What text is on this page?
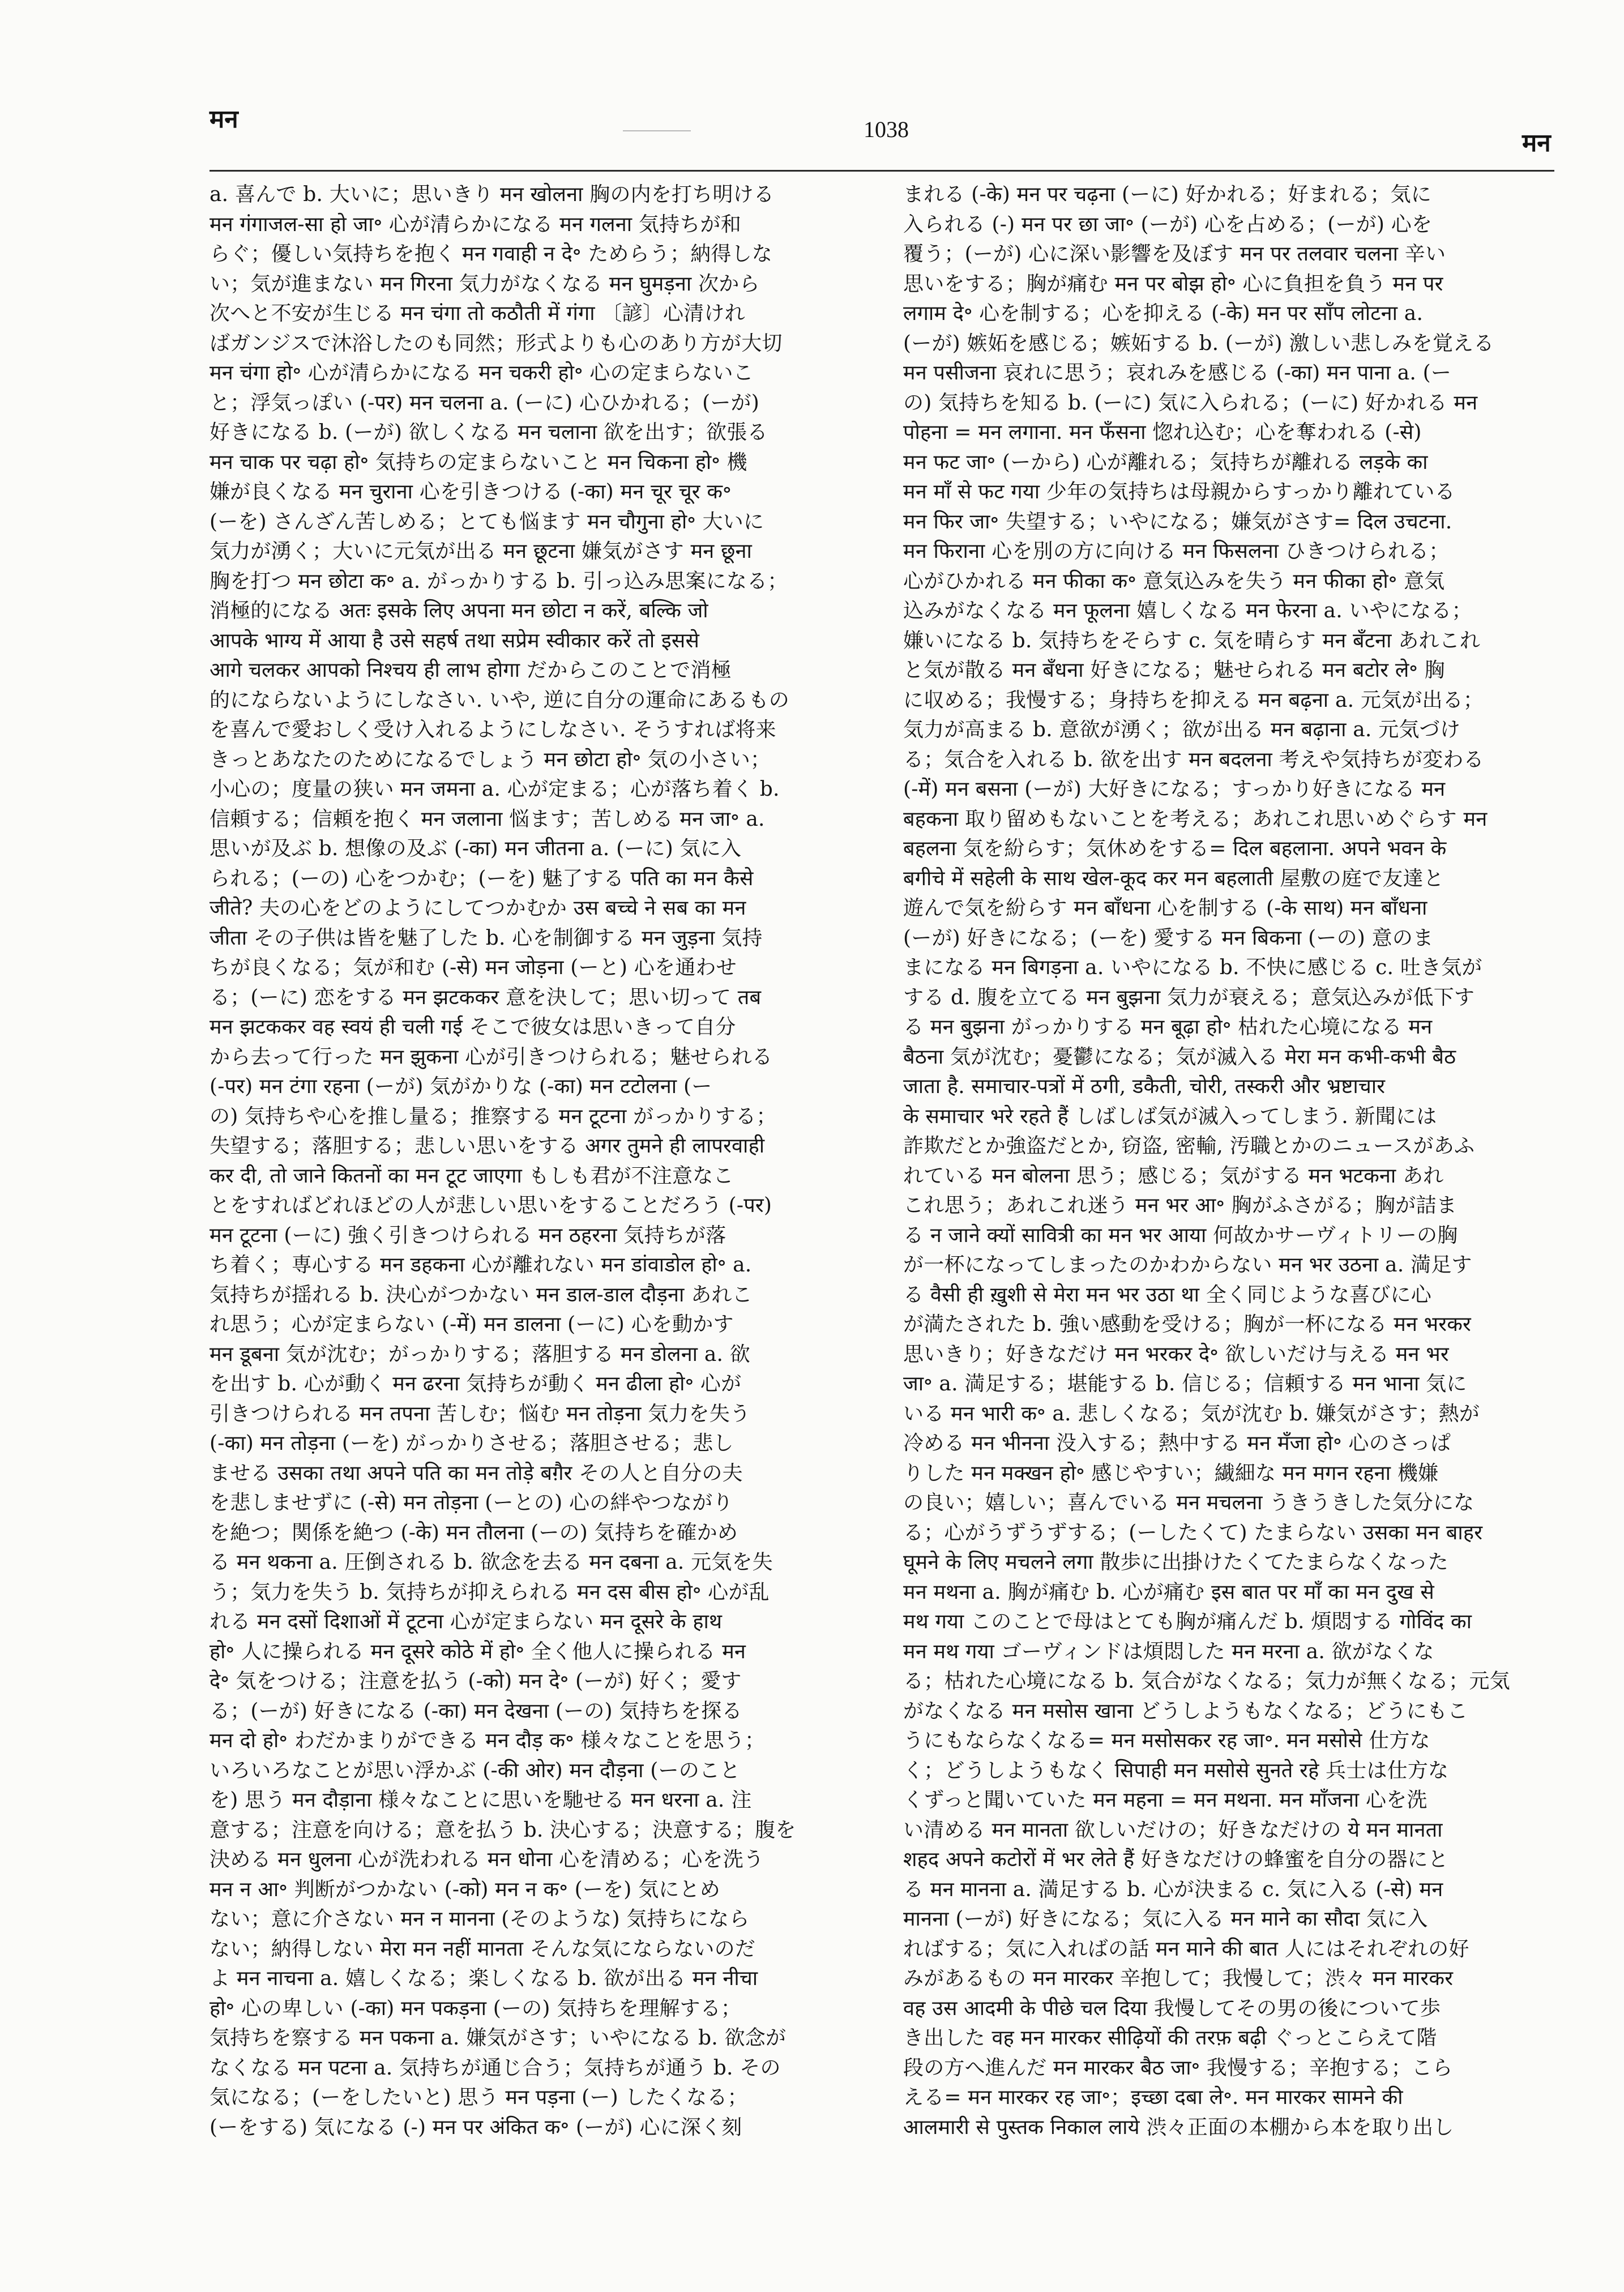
मन	1038	मन
a. 喜んで b. 大いに；思いきり मन खोलना 胸の内を打ち明ける
मन गंगाजल-सा हो जा॰ 心が清らかになる मन गलना 気持ちが和
らぐ；優しい気持ちを抱く मन गवाही न दे॰ ためらう；納得しな
い；気が進まない मन गिरना 気力がなくなる मन घुमड़ना 次から
次へと不安が生じる मन चंगा तो कठौती में गंगा 〔諺〕心清けれ
ばガンジスで沐浴したのも同然；形式よりも心のあり方が大切
मन चंगा हो॰ 心が清らかになる मन चकरी हो॰ 心の定まらないこ
と；浮気っぽい (-पर) मन चलना a. (ーに) 心ひかれる；(ーが)
好きになる b. (ーが) 欲しくなる मन चलाना 欲を出す；欲張る
मन चाक पर चढ़ा हो॰ 気持ちの定まらないこと मन चिकना हो॰ 機
嫌が良くなる मन चुराना 心を引きつける (-का) मन चूर चूर क॰
(ーを) さんざん苦しめる；とても悩ます मन चौगुना हो॰ 大いに
気力が湧く；大いに元気が出る मन छूटना 嫌気がさす मन छूना
胸を打つ मन छोटा क॰ a. がっかりする b. 引っ込み思案になる；
消極的になる अतः इसके लिए अपना मन छोटा न करें, बल्कि जो
आपके भाग्य में आया है उसे सहर्ष तथा सप्रेम स्वीकार करें तो इससे
आगे चलकर आपको निश्चय ही लाभ होगा だからこのことで消極
的にならないようにしなさい. いや, 逆に自分の運命にあるもの
を喜んで愛おしく受け入れるようにしなさい. そうすれば将来
きっとあなたのためになるでしょう मन छोटा हो॰ 気の小さい；
小心の；度量の狭い मन जमना a. 心が定まる；心が落ち着く b.
信頼する；信頼を抱く मन जलाना 悩ます；苦しめる मन जा॰ a.
思いが及ぶ b. 想像の及ぶ (-का) मन जीतना a. (ーに) 気に入
られる；(ーの) 心をつかむ；(ーを) 魅了する पति का मन कैसे
जीते? 夫の心をどのようにしてつかむか उस बच्चे ने सब का मन
जीता その子供は皆を魅了した b. 心を制御する मन जुड़ना 気持
ちが良くなる；気が和む (-से) मन जोड़ना (ーと) 心を通わせ
る；(ーに) 恋をする मन झटककर 意を決して；思い切って तब
मन झटककर वह स्वयं ही चली गई そこで彼女は思いきって自分
から去って行った मन झुकना 心が引きつけられる；魅せられる
(-पर) मन टंगा रहना (ーが) 気がかりな (-का) मन टटोलना (ー
の) 気持ちや心を推し量る；推察する मन टूटना がっかりする；
失望する；落胆する；悲しい思いをする अगर तुमने ही लापरवाही
कर दी, तो जाने कितनों का मन टूट जाएगा もしも君が不注意なこ
とをすればどれほどの人が悲しい思いをすることだろう (-पर)
मन टूटना (ーに) 強く引きつけられる मन ठहरना 気持ちが落
ち着く；専心する मन डहकना 心が離れない मन डांवाडोल हो॰ a.
気持ちが揺れる b. 決心がつかない मन डाल-डाल दौड़ना あれこ
れ思う；心が定まらない (-में) मन डालना (ーに) 心を動かす
मन डूबना 気が沈む；がっかりする；落胆する मन डोलना a. 欲
を出す b. 心が動く मन ढरना 気持ちが動く मन ढीला हो॰ 心が
引きつけられる मन तपना 苦しむ；悩む मन तोड़ना 気力を失う
(-का) मन तोड़ना (ーを) がっかりさせる；落胆させる；悲し
ませる उसका तथा अपने पति का मन तोड़े बग़ैर その人と自分の夫
を悲しませずに (-से) मन तोड़ना (ーとの) 心の絆やつながり
を絶つ；関係を絶つ (-के) मन तौलना (ーの) 気持ちを確かめ
る मन थकना a. 圧倒される b. 欲念を去る मन दबना a. 元気を失
う；気力を失う b. 気持ちが抑えられる मन दस बीस हो॰ 心が乱
れる मन दसों दिशाओं में टूटना 心が定まらない मन दूसरे के हाथ
हो॰ 人に操られる मन दूसरे कोठे में हो॰ 全く他人に操られる मन
दे॰ 気をつける；注意を払う (-को) मन दे॰ (ーが) 好く；愛す
る；(ーが) 好きになる (-का) मन देखना (ーの) 気持ちを探る
मन दो हो॰ わだかまりができる मन दौड़ क॰ 様々なことを思う；
いろいろなことが思い浮かぶ (-की ओर) मन दौड़ना (ーのこと
を) 思う मन दौड़ाना 様々なことに思いを馳せる मन धरना a. 注
意する；注意を向ける；意を払う b. 決心する；決意する；腹を
決める मन धुलना 心が洗われる मन धोना 心を清める；心を洗う
मन न आ॰ 判断がつかない (-को) मन न क॰ (ーを) 気にとめ
ない；意に介さない मन न मानना (そのような) 気持ちになら
ない；納得しない मेरा मन नहीं मानता そんな気にならないのだ
よ मन नाचना a. 嬉しくなる；楽しくなる b. 欲が出る मन नीचा
हो॰ 心の卑しい (-का) मन पकड़ना (ーの) 気持ちを理解する；
気持ちを察する मन पकना a. 嫌気がさす；いやになる b. 欲念が
なくなる मन पटना a. 気持ちが通じ合う；気持ちが通う b. その
気になる；(ーをしたいと) 思う मन पड़ना (ー) したくなる；
(ーをする) 気になる (-) मन पर अंकित क॰ (ーが) 心に深く刻
まれる (-के) मन पर चढ़ना (ーに) 好かれる；好まれる；気に
入られる (-) मन पर छा जा॰ (ーが) 心を占める；(ーが) 心を
覆う；(ーが) 心に深い影響を及ぼす मन पर तलवार चलना 辛い
思いをする；胸が痛む मन पर बोझ हो॰ 心に負担を負う मन पर
लगाम दे॰ 心を制する；心を抑える (-के) मन पर साँप लोटना a.
(ーが) 嫉妬を感じる；嫉妬する b. (ーが) 激しい悲しみを覚える
मन पसीजना 哀れに思う；哀れみを感じる (-का) मन पाना a. (ー
の) 気持ちを知る b. (ーに) 気に入られる；(ーに) 好かれる मन
पोहना = मन लगाना. मन फँसना 惚れ込む；心を奪われる (-से)
मन फट जा॰ (ーから) 心が離れる；気持ちが離れる लड़के का
मन माँ से फट गया 少年の気持ちは母親からすっかり離れている
मन फिर जा॰ 失望する；いやになる；嫌気がさす= दिल उचटना.
मन फिराना 心を別の方に向ける मन फिसलना ひきつけられる；
心がひかれる मन फीका क॰ 意気込みを失う मन फीका हो॰ 意気
込みがなくなる मन फूलना 嬉しくなる मन फेरना a. いやになる；
嫌いになる b. 気持ちをそらす c. 気を晴らす मन बँटना あれこれ
と気が散る मन बँधना 好きになる；魅せられる मन बटोर ले॰ 胸
に収める；我慢する；身持ちを抑える मन बढ़ना a. 元気が出る；
気力が高まる b. 意欲が湧く；欲が出る मन बढ़ाना a. 元気づけ
る；気合を入れる b. 欲を出す मन बदलना 考えや気持ちが変わる
(-में) मन बसना (ーが) 大好きになる；すっかり好きになる मन
बहकना 取り留めもないことを考える；あれこれ思いめぐらす मन
बहलना 気を紛らす；気休めをする= दिल बहलाना. अपने भवन के
बगीचे में सहेली के साथ खेल-कूद कर मन बहलाती 屋敷の庭で友達と
遊んで気を紛らす मन बाँधना 心を制する (-के साथ) मन बाँधना
(ーが) 好きになる；(ーを) 愛する मन बिकना (ーの) 意のま
まになる मन बिगड़ना a. いやになる b. 不快に感じる c. 吐き気が
する d. 腹を立てる मन बुझना 気力が衰える；意気込みが低下す
る मन बुझना がっかりする मन बूढ़ा हो॰ 枯れた心境になる मन
बैठना 気が沈む；憂鬱になる；気が滅入る मेरा मन कभी-कभी बैठ
जाता है. समाचार-पत्रों में ठगी, डकैती, चोरी, तस्करी और भ्रष्टाचार
के समाचार भरे रहते हैं しばしば気が滅入ってしまう. 新聞には
詐欺だとか強盗だとか, 窃盗, 密輸, 汚職とかのニュースがあふ
れている मन बोलना 思う；感じる；気がする मन भटकना あれ
これ思う；あれこれ迷う मन भर आ॰ 胸がふさがる；胸が詰ま
る न जाने क्यों सावित्री का मन भर आया 何故かサーヴィトリーの胸
が一杯になってしまったのかわからない मन भर उठना a. 満足す
る वैसी ही ख़ुशी से मेरा मन भर उठा था 全く同じような喜びに心
が満たされた b. 強い感動を受ける；胸が一杯になる मन भरकर
思いきり；好きなだけ मन भरकर दे॰ 欲しいだけ与える मन भर
जा॰ a. 満足する；堪能する b. 信じる；信頼する मन भाना 気に
いる मन भारी क॰ a. 悲しくなる；気が沈む b. 嫌気がさす；熱が
冷める मन भीनना 没入する；熱中する मन मँजा हो॰ 心のさっぱ
りした मन मक्खन हो॰ 感じやすい；繊細な मन मगन रहना 機嫌
の良い；嬉しい；喜んでいる मन मचलना うきうきした気分にな
る；心がうずうずする；(ーしたくて) たまらない उसका मन बाहर
घूमने के लिए मचलने लगा 散歩に出掛けたくてたまらなくなった
मन मथना a. 胸が痛む b. 心が痛む इस बात पर माँ का मन दुख से
मथ गया このことで母はとても胸が痛んだ b. 煩悶する गोविंद का
मन मथ गया ゴーヴィンドは煩悶した मन मरना a. 欲がなくな
る；枯れた心境になる b. 気合がなくなる；気力が無くなる；元気
がなくなる मन मसोस खाना どうしようもなくなる；どうにもこ
うにもならなくなる= मन मसोसकर रह जा॰. मन मसोसे 仕方な
く；どうしようもなく सिपाही मन मसोसे सुनते रहे 兵士は仕方な
くずっと聞いていた मन महना = मन मथना. मन माँजना 心を洗
い清める मन मानता 欲しいだけの；好きなだけの ये मन मानता
शहद अपने कटोरों में भर लेते हैं 好きなだけの蜂蜜を自分の器にと
る मन मानना a. 満足する b. 心が決まる c. 気に入る (-से) मन
मानना (ーが) 好きになる；気に入る मन माने का सौदा 気に入
ればする；気に入ればの話 मन माने की बात 人にはそれぞれの好
みがあるもの मन मारकर 辛抱して；我慢して；渋々 मन मारकर
वह उस आदमी के पीछे चल दिया 我慢してその男の後について歩
き出した वह मन मारकर सीढ़ियों की तरफ़ बढ़ी ぐっとこらえて階
段の方へ進んだ मन मारकर बैठ जा॰ 我慢する；辛抱する；こら
える= मन मारकर रह जा॰；इच्छा दबा ले॰. मन मारकर सामने की
आलमारी से पुस्तक निकाल लाये 渋々正面の本棚から本を取り出し
